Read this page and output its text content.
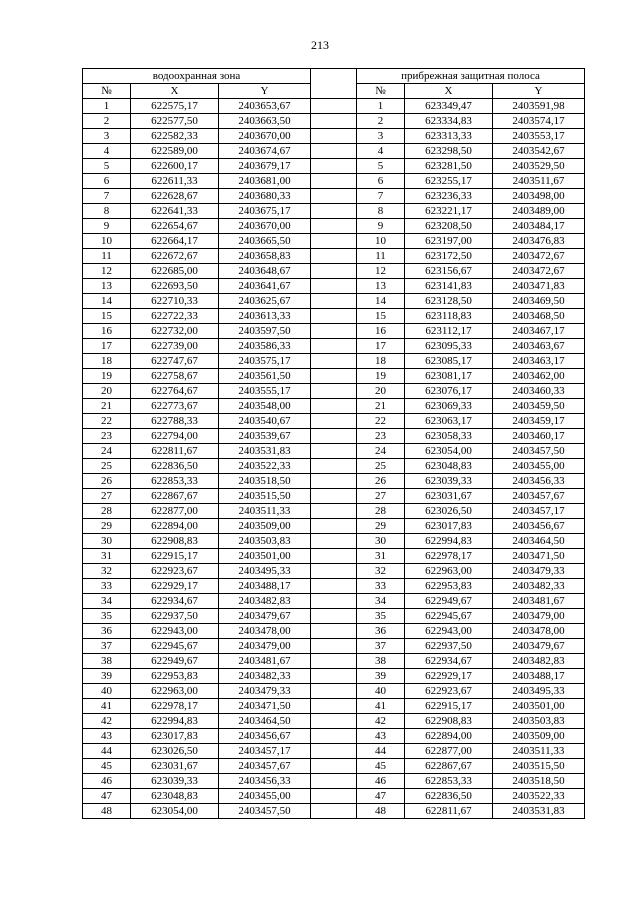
213
водоохранная зона				прибрежная защитная полоса		
№	X	Y		№	X	Y
1	622575,17	2403653,67		1	623349,47	2403591,98
2	622577,50	2403663,50		2	623334,83	2403574,17
3	622582,33	2403670,00		3	623313,33	2403553,17
4	622589,00	2403674,67		4	623298,50	2403542,67
5	622600,17	2403679,17		5	623281,50	2403529,50
6	622611,33	2403681,00		6	623255,17	2403511,67
7	622628,67	2403680,33		7	623236,33	2403498,00
8	622641,33	2403675,17		8	623221,17	2403489,00
9	622654,67	2403670,00		9	623208,50	2403484,17
10	622664,17	2403665,50		10	623197,00	2403476,83
11	622672,67	2403658,83		11	623172,50	2403472,67
12	622685,00	2403648,67		12	623156,67	2403472,67
13	622693,50	2403641,67		13	623141,83	2403471,83
14	622710,33	2403625,67		14	623128,50	2403469,50
15	622722,33	2403613,33		15	623118,83	2403468,50
16	622732,00	2403597,50		16	623112,17	2403467,17
17	622739,00	2403586,33		17	623095,33	2403463,67
18	622747,67	2403575,17		18	623085,17	2403463,17
19	622758,67	2403561,50		19	623081,17	2403462,00
20	622764,67	2403555,17		20	623076,17	2403460,33
21	622773,67	2403548,00		21	623069,33	2403459,50
22	622788,33	2403540,67		22	623063,17	2403459,17
23	622794,00	2403539,67		23	623058,33	2403460,17
24	622811,67	2403531,83		24	623054,00	2403457,50
25	622836,50	2403522,33		25	623048,83	2403455,00
26	622853,33	2403518,50		26	623039,33	2403456,33
27	622867,67	2403515,50		27	623031,67	2403457,67
28	622877,00	2403511,33		28	623026,50	2403457,17
29	622894,00	2403509,00		29	623017,83	2403456,67
30	622908,83	2403503,83		30	622994,83	2403464,50
31	622915,17	2403501,00		31	622978,17	2403471,50
32	622923,67	2403495,33		32	622963,00	2403479,33
33	622929,17	2403488,17		33	622953,83	2403482,33
34	622934,67	2403482,83		34	622949,67	2403481,67
35	622937,50	2403479,67		35	622945,67	2403479,00
36	622943,00	2403478,00		36	622943,00	2403478,00
37	622945,67	2403479,00		37	622937,50	2403479,67
38	622949,67	2403481,67		38	622934,67	2403482,83
39	622953,83	2403482,33		39	622929,17	2403488,17
40	622963,00	2403479,33		40	622923,67	2403495,33
41	622978,17	2403471,50		41	622915,17	2403501,00
42	622994,83	2403464,50		42	622908,83	2403503,83
43	623017,83	2403456,67		43	622894,00	2403509,00
44	623026,50	2403457,17		44	622877,00	2403511,33
45	623031,67	2403457,67		45	622867,67	2403515,50
46	623039,33	2403456,33		46	622853,33	2403518,50
47	623048,83	2403455,00		47	622836,50	2403522,33
48	623054,00	2403457,50		48	622811,67	2403531,83
